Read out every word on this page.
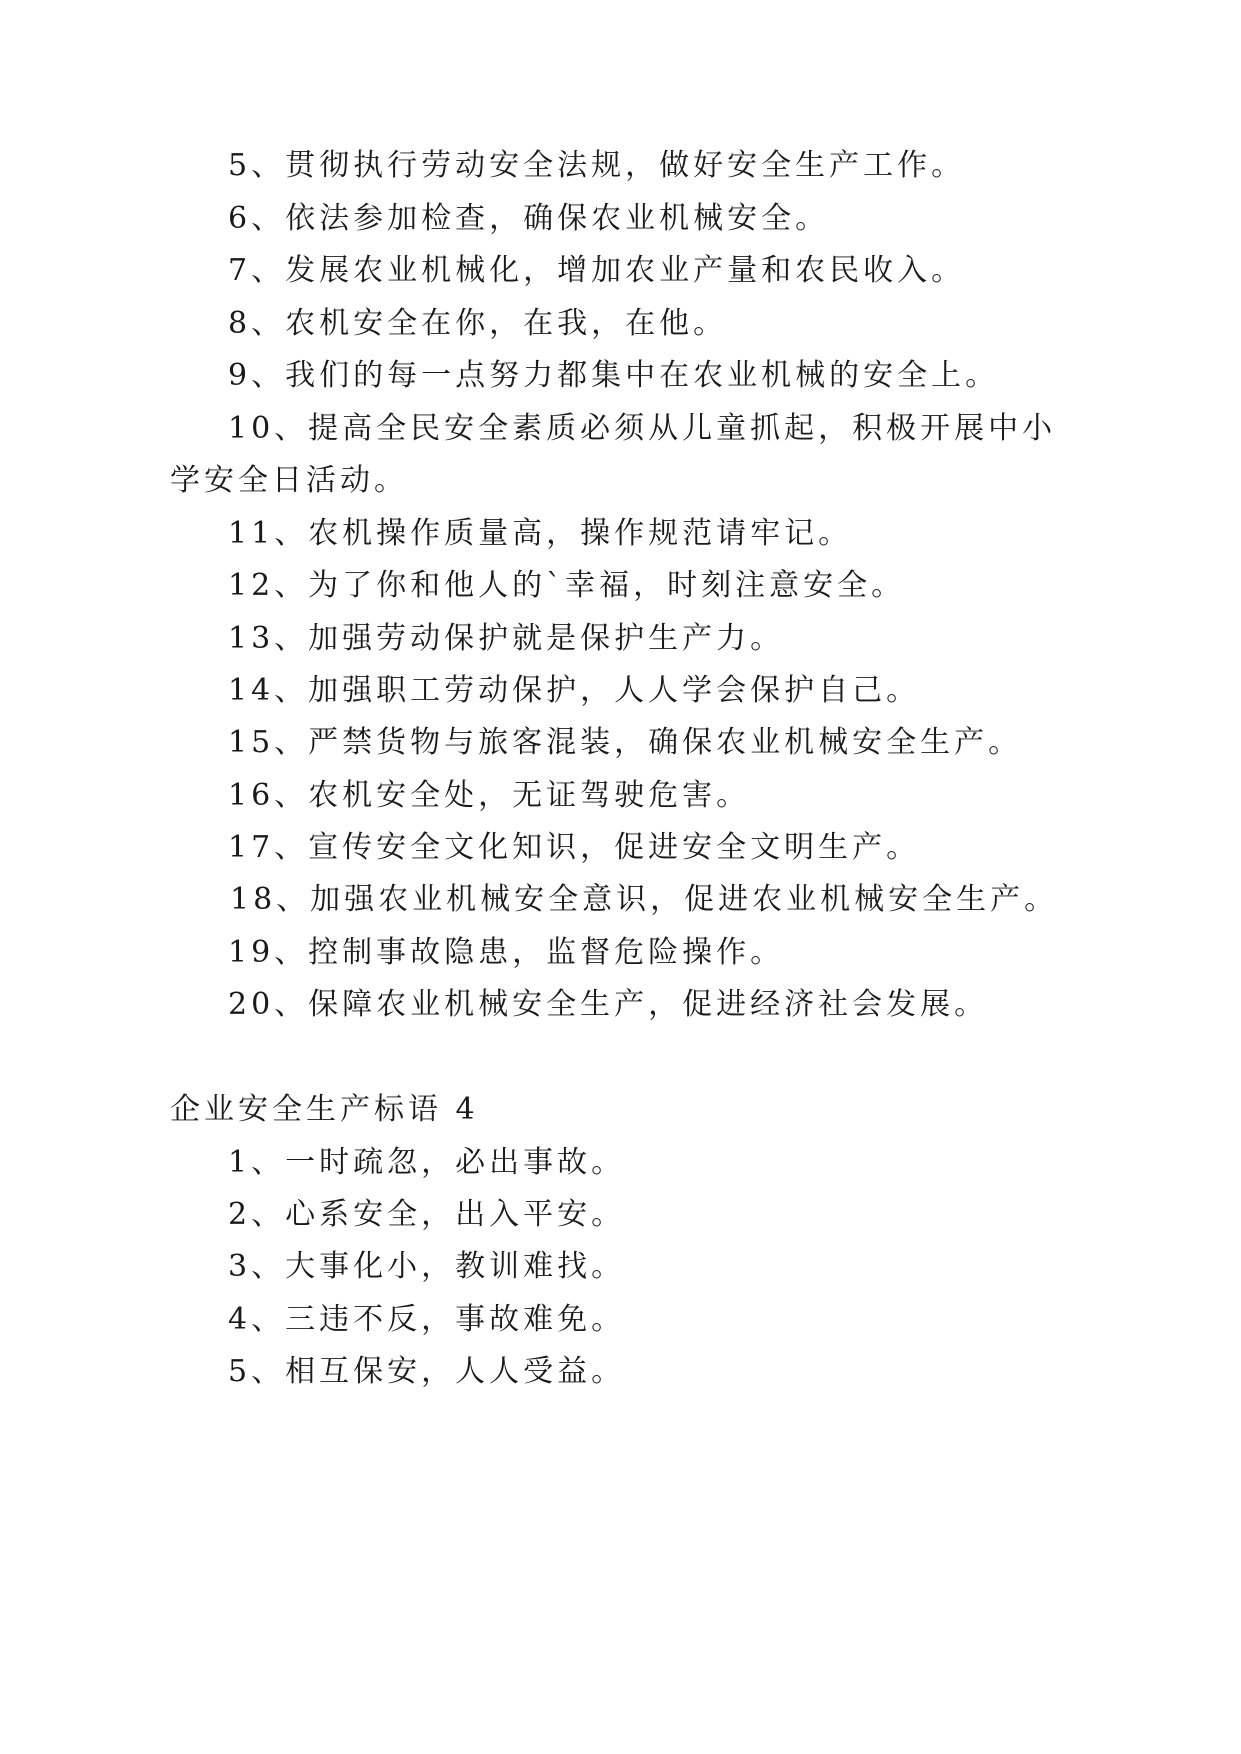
5、贯彻执行劳动安全法规，做好安全生产工作。
6、依法参加检查，确保农业机械安全。
7、发展农业机械化，增加农业产量和农民收入。
8、农机安全在你，在我，在他。
9、我们的每一点努力都集中在农业机械的安全上。
10、提高全民安全素质必须从儿童抓起，积极开展中小
学安全日活动。
11、农机操作质量高，操作规范请牢记。
12、为了你和他人的`幸福，时刻注意安全。
13、加强劳动保护就是保护生产力。
14、加强职工劳动保护，人人学会保护自己。
15、严禁货物与旅客混装，确保农业机械安全生产。
16、农机安全处，无证驾驶危害。
17、宣传安全文化知识，促进安全文明生产。
18、加强农业机械安全意识，促进农业机械安全生产。
19、控制事故隐患，监督危险操作。
20、保障农业机械安全生产，促进经济社会发展。
企业安全生产标语 4
1、一时疏忽，必出事故。
2、心系安全，出入平安。
3、大事化小，教训难找。
4、三违不反，事故难免。
5、相互保安，人人受益。
